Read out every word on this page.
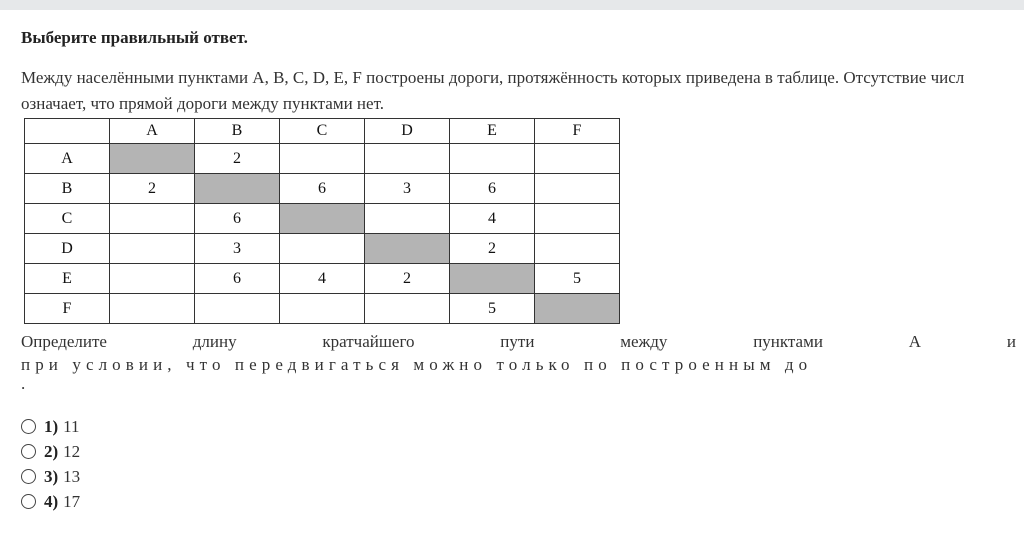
Выберите правильный ответ.

Между населёнными пунктами A, B, C, D, E, F построены дороги, протяжённость которых приведена в таблице. Отсутствие числ
означает, что прямой дороги между пунктами нет.

	A	B	C	D	E	F
A		2				
B	2		6	3	6	
C		6			4	
D		3			2	
E		6	4	2		5
F					5	
Определите	длину	кратчайшего	пути	между	пунктами	A	и
при условии, что передвигаться можно только по построенным до
.
1) 11
2) 12
3) 13
4) 17
